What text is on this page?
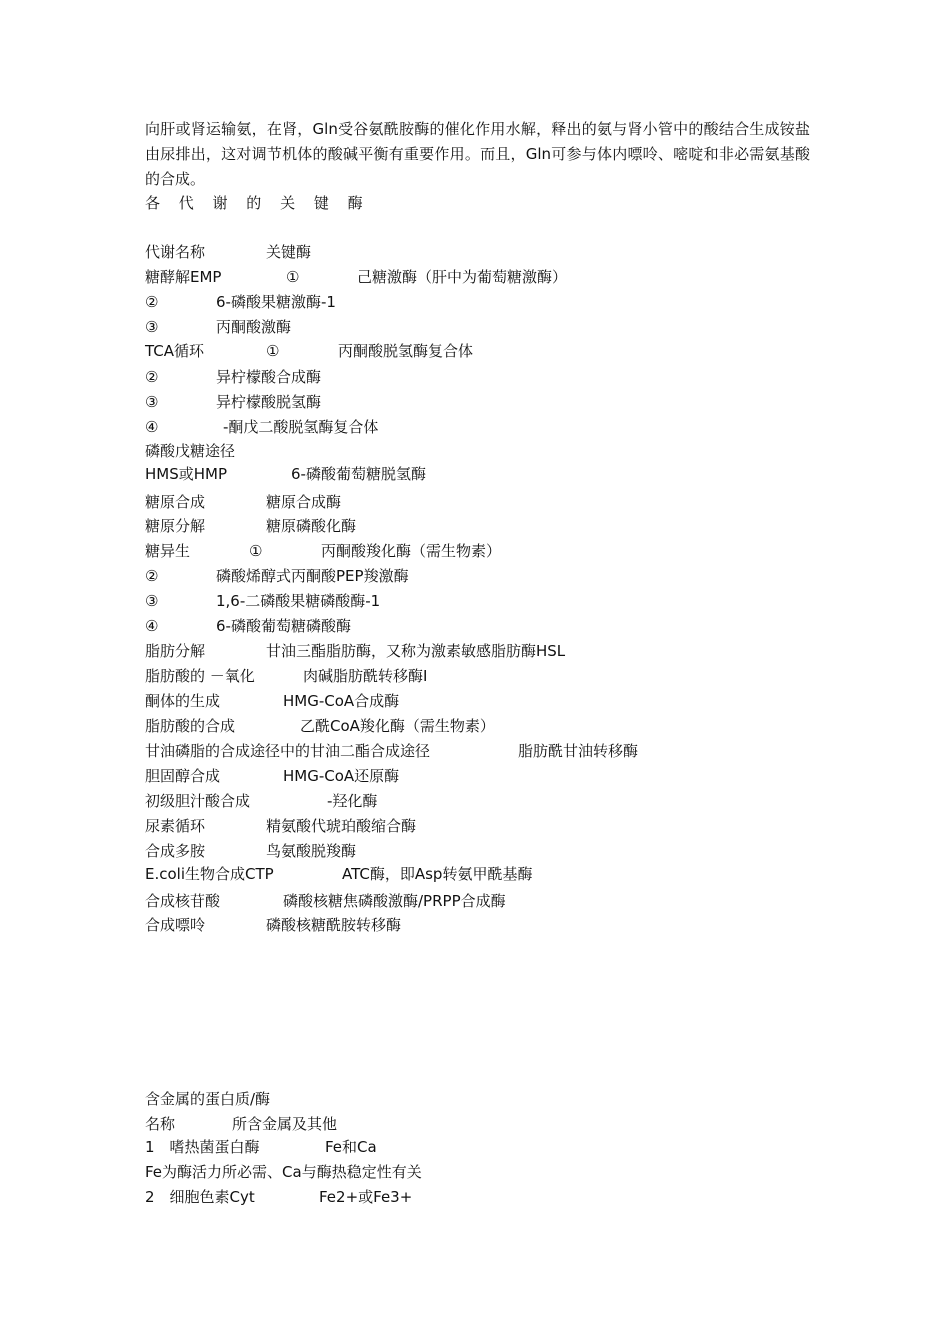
向肝或肾运输氨，在肾，Gln受谷氨酰胺酶的催化作用水解，释出的氨与肾小管中的酸结合生成铵盐由尿排出，这对调节机体的酸碱平衡有重要作用。而且，Gln可参与体内嘌呤、嘧啶和非必需氨基酸的合成。

各 代 谢 的 关 键 酶
代谢名称	关键酶
糖酵解EMP	①	己糖激酶（肝中为葡萄糖激酶）
②	6-磷酸果糖激酶-1
③	丙酮酸激酶
TCA循环	①	丙酮酸脱氢酶复合体
②	异柠檬酸合成酶
③	异柠檬酸脱氢酶
④	-酮戊二酸脱氢酶复合体
磷酸戊糖途径
HMS或HMP	6-磷酸葡萄糖脱氢酶
糖原合成	糖原合成酶
糖原分解	糖原磷酸化酶
糖异生	①	丙酮酸羧化酶（需生物素）
②	磷酸烯醇式丙酮酸PEP羧激酶
③	1,6-二磷酸果糖磷酸酶-1
④	6-磷酸葡萄糖磷酸酶
脂肪分解	甘油三酯脂肪酶，又称为激素敏感脂肪酶HSL
脂肪酸的 －氧化	肉碱脂肪酰转移酶Ⅰ
酮体的生成	HMG-CoA合成酶
脂肪酸的合成	乙酰CoA羧化酶（需生物素）
甘油磷脂的合成途径中的甘油二酯合成途径	脂肪酰甘油转移酶
胆固醇合成	HMG-CoA还原酶
初级胆汁酸合成	-羟化酶
尿素循环	精氨酸代琥珀酸缩合酶
合成多胺	鸟氨酸脱羧酶
E.coli生物合成CTP	ATC酶，即Asp转氨甲酰基酶
合成核苷酸	磷酸核糖焦磷酸激酶/PRPP合成酶
合成嘌呤	磷酸核糖酰胺转移酶
含金属的蛋白质/酶
名称	所含金属及其他
1　嗜热菌蛋白酶	Fe和Ca
Fe为酶活力所必需、Ca与酶热稳定性有关
2　细胞色素Cyt	Fe2+或Fe3+
